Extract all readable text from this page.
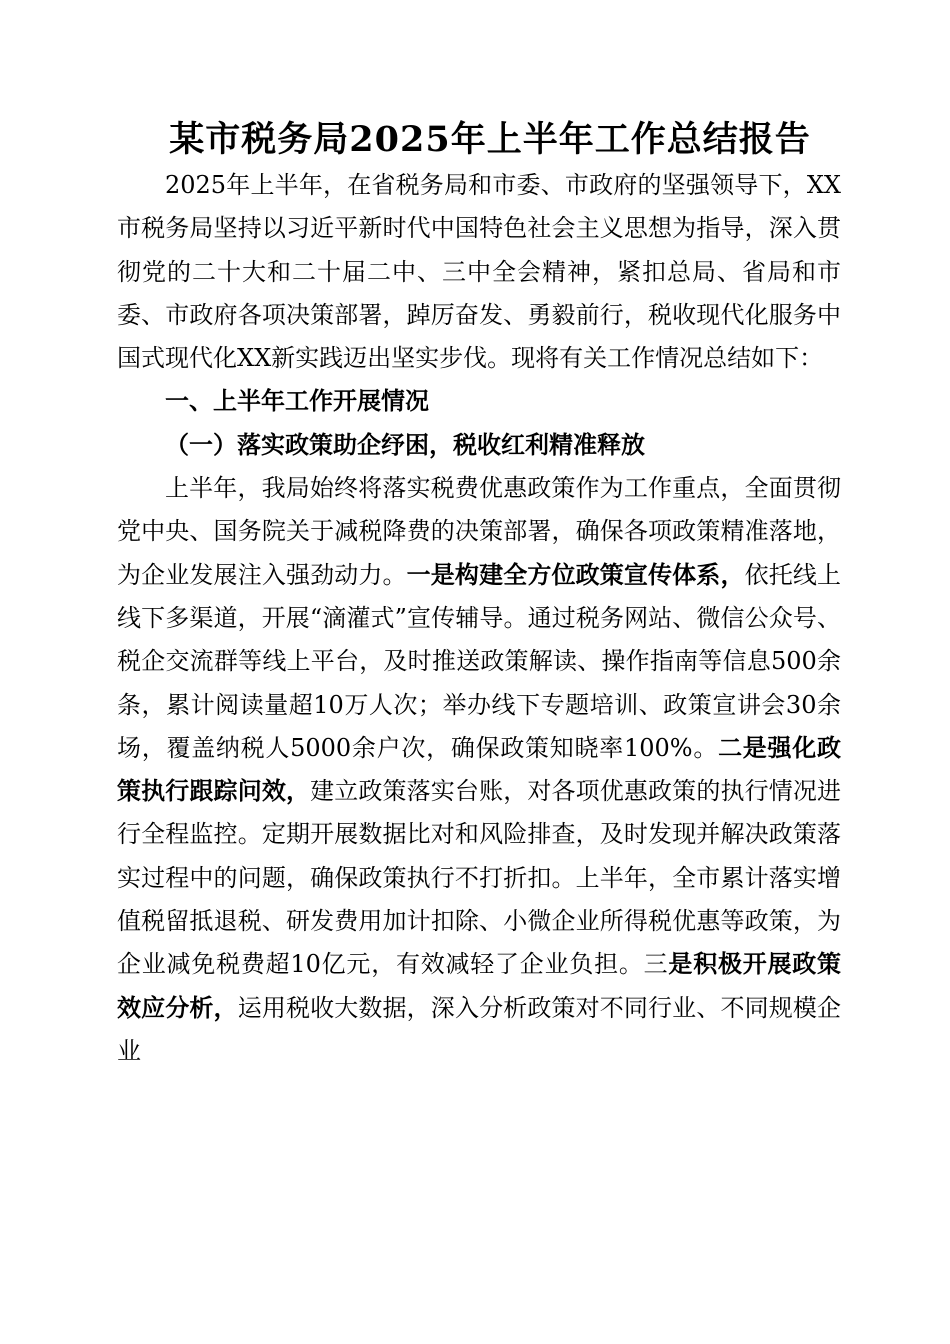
某市税务局2025年上半年工作总结报告

2025年上半年，在省税务局和市委、市政府的坚强领导下，XX市税务局坚持以习近平新时代中国特色社会主义思想为指导，深入贯彻党的二十大和二十届二中、三中全会精神，紧扣总局、省局和市委、市政府各项决策部署，踔厉奋发、勇毅前行，税收现代化服务中国式现代化XX新实践迈出坚实步伐。现将有关工作情况总结如下：

一、上半年工作开展情况

（一）落实政策助企纾困，税收红利精准释放

上半年，我局始终将落实税费优惠政策作为工作重点，全面贯彻党中央、国务院关于减税降费的决策部署，确保各项政策精准落地，为企业发展注入强劲动力。一是构建全方位政策宣传体系，依托线上线下多渠道，开展“滴灌式”宣传辅导。通过税务网站、微信公众号、税企交流群等线上平台，及时推送政策解读、操作指南等信息500余条，累计阅读量超10万人次；举办线下专题培训、政策宣讲会30余场，覆盖纳税人5000余户次，确保政策知晓率100%。二是强化政策执行跟踪问效，建立政策落实台账，对各项优惠政策的执行情况进行全程监控。定期开展数据比对和风险排查，及时发现并解决政策落实过程中的问题，确保政策执行不打折扣。上半年，全市累计落实增值税留抵退税、研发费用加计扣除、小微企业所得税优惠等政策，为企业减免税费超10亿元，有效减轻了企业负担。三是积极开展政策效应分析，运用税收大数据，深入分析政策对不同行业、不同规模企业
